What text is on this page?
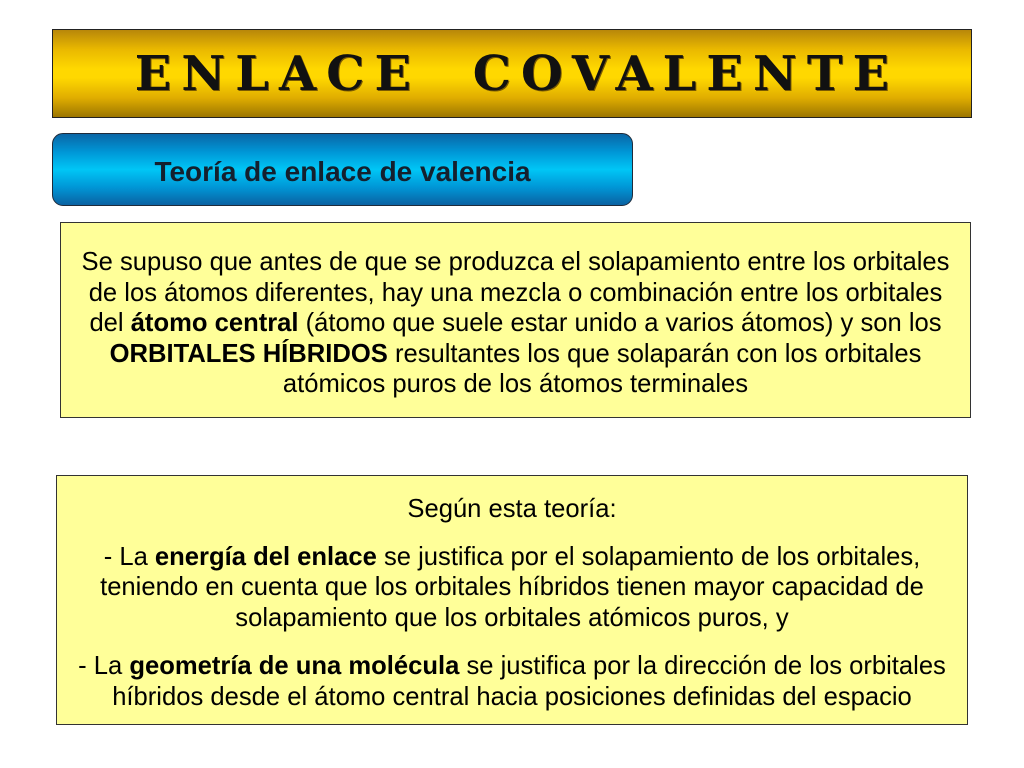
ENLACE COVALENTE
Teoría de enlace de valencia
Se supuso que antes de que se produzca el solapamiento entre los orbitales
de los átomos diferentes, hay una mezcla o combinación entre los orbitales
del átomo central (átomo que suele estar unido a varios átomos) y son los
ORBITALES HÍBRIDOS resultantes los que solaparán con los orbitales
atómicos puros de los átomos terminales
Según esta teoría:
- La energía del enlace se justifica por el solapamiento de los orbitales,
teniendo en cuenta que los orbitales híbridos tienen mayor capacidad de
solapamiento que los orbitales atómicos puros, y
- La geometría de una molécula se justifica por la dirección de los orbitales
híbridos desde el átomo central hacia posiciones definidas del espacio
